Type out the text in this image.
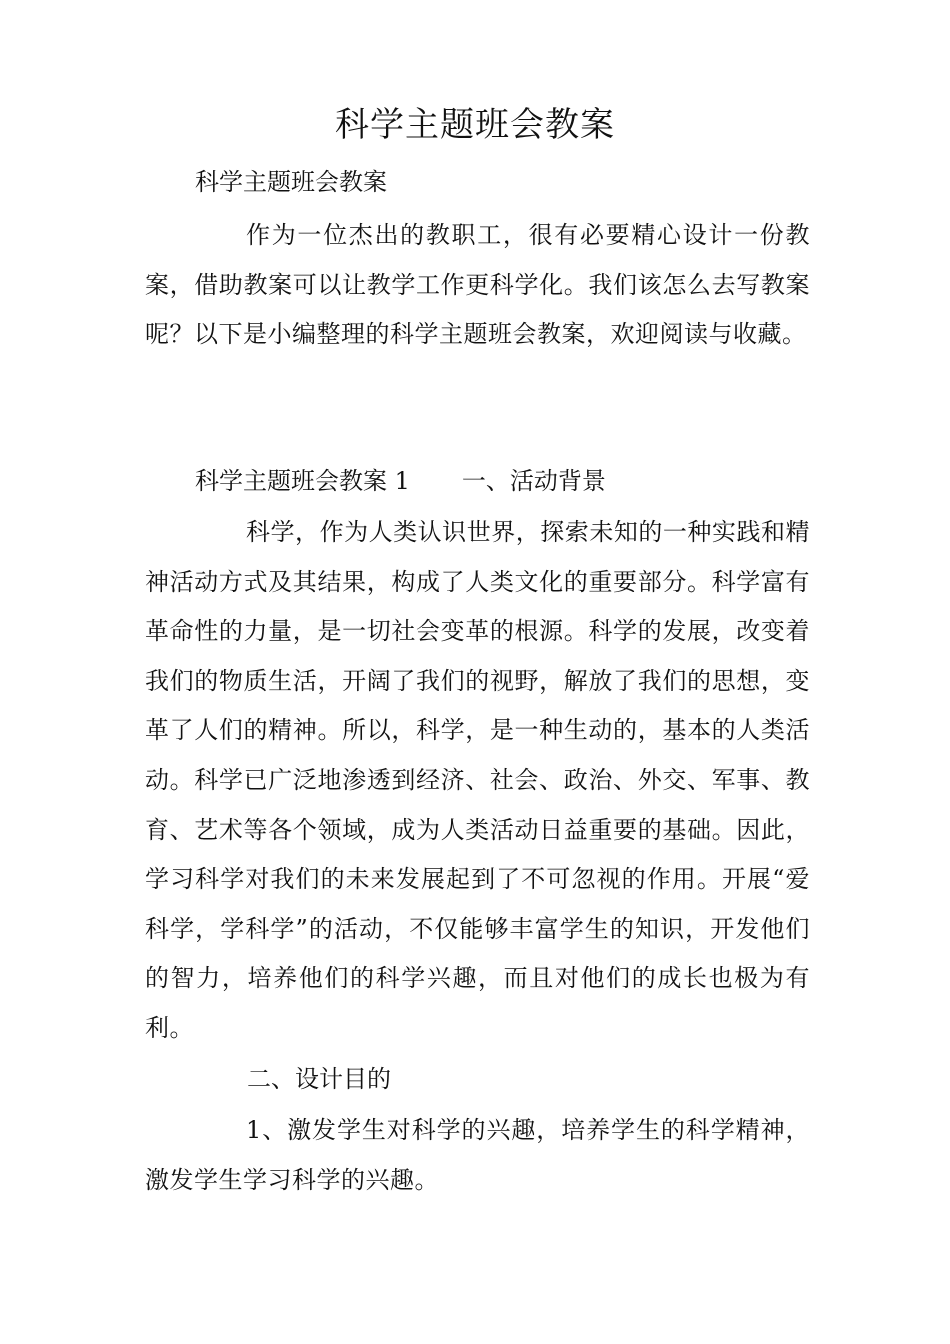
科学主题班会教案
科学主题班会教案
作为一位杰出的教职工，很有必要精心设计一份教案，借助教案可以让教学工作更科学化。我们该怎么去写教案呢？以下是小编整理的科学主题班会教案，欢迎阅读与收藏。
科学主题班会教案 1 一、活动背景
科学，作为人类认识世界，探索未知的一种实践和精神活动方式及其结果，构成了人类文化的重要部分。科学富有革命性的力量，是一切社会变革的根源。科学的发展，改变着我们的物质生活，开阔了我们的视野，解放了我们的思想，变革了人们的精神。所以，科学，是一种生动的，基本的人类活动。科学已广泛地渗透到经济、社会、政治、外交、军事、教育、艺术等各个领域，成为人类活动日益重要的基础。因此，学习科学对我们的未来发展起到了不可忽视的作用。开展“爱科学，学科学”的活动，不仅能够丰富学生的知识，开发他们的智力，培养他们的科学兴趣，而且对他们的成长也极为有利。
二、设计目的
1、激发学生对科学的兴趣，培养学生的科学精神，激发学生学习科学的兴趣。
